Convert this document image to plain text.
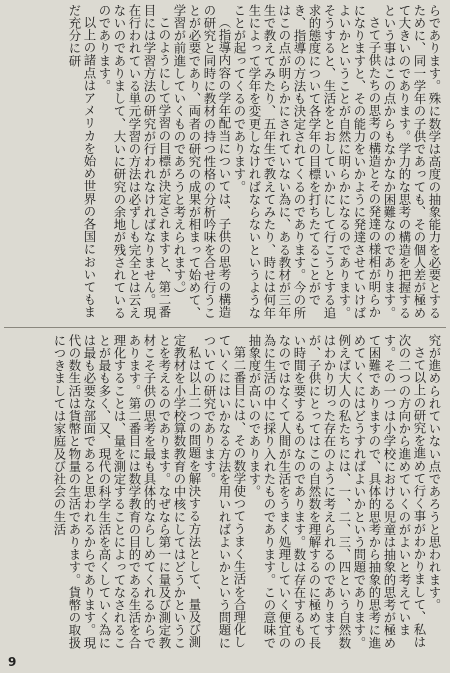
らであります。殊に数学は高度の抽象能力を必要とするために、同一学年の子供であっても、その個人差が極めて大きいのであります。学力的な思考の構造を把握するという事はこの点からもなかなか困難なのであります。

さて子供たちの思考の構造とその発達の様相が明らかになりますと、その能力をいかように発達させていけばよいかということが自然に明らかになるのであります。そうすると、生活をとおしていかにして行こうとする追求的態度について各学年の目標を打ちたてることができ、指導の方法も決定されてくるのであります。今の所はこの点が明らかにされていない為に、ある教材が三年生で教えてみたり、五年生で教えてみたり、時には何年生によって学年を変更しなければならないというようなことが起ってくるのであります。

（指導内容の学年配当については、子供の思考の構造の研究と同時に教材の持つ性格の分析吟味を合せ行うことが必要であり、両者の研究の成果が相まって始めて、学習が前進していくものであろうと考えられます。）

このようにして学習の目標が決定されますと、第二番目には学習方法の研究が行われなければなりません。現在行われている単元学習の方法は必ずしも完全とは云えないのでありまして、大いに研究の余地が残されているのであります。

以上の諸点はアメリカを始め世界の各国においてもまだ充分に研

究が進められていない点であろうと思われます。

さて以上の研究を進めて行く事がわかりまして、私は次の二つの方向から進めていくのがよいと考えています。その一つは小学校における児童は抽象的思考が極めて困難でありますので、具体的思考から抽象的思考に進めていくにはどうすればよいかという問題であります。例えば大人の私たちには、一、二、三、四という自然数はわかり切った存在のように考えられるのでありますが、子供にとってはこの自然数を理解するのに極めて長い時間を要するものなのであります。数は存在するものなのではなくて人間が生活をうまく処理していく便宜の為に生活の中に採り入れたものであります。この意味で抽象度が高いのであります。

第二番目には、その数学使つてうまく生活を合理化していくにはいかなる方法を用いればよいかという問題についての研究であります。

私は以上二つの問題を解決する方法として、量及び測定教材を小学校算数教育の中核にしてはどうかということを考えるのであります。なぜなら第一に量及び測定教材こそ子供の思考を最も具体的ならしめてくれるからであります。第二番目には数学教育の目的である生活を合理化することは、量を測定することによってなされることが最も多く、又、現代の科学生活を高くしていく為には最も必要な部面であると思われるからであります。現代の数生活は貨幣と物量の生活であります。貨幣の取扱につきましては家庭及び社会の生活

9
